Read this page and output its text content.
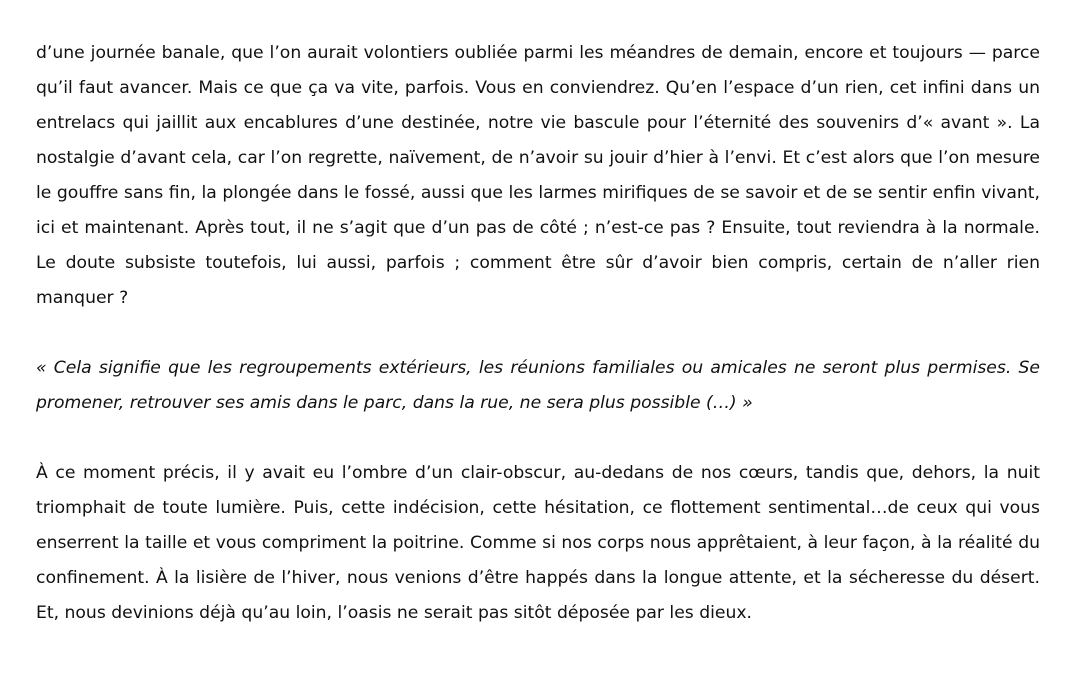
d’une journée banale, que l’on aurait volontiers oubliée parmi les méandres de demain, encore et toujours — parce qu’il faut avancer. Mais ce que ça va vite, parfois. Vous en conviendrez. Qu’en l’espace d’un rien, cet infini dans un entrelacs qui jaillit aux encablures d’une destinée, notre vie bascule pour l’éternité des souvenirs d’« avant ». La nostalgie d’avant cela, car l’on regrette, naïvement, de n’avoir su jouir d’hier à l’envi. Et c’est alors que l’on mesure le gouffre sans fin, la plongée dans le fossé, aussi que les larmes mirifiques de se savoir et de se sentir enfin vivant, ici et maintenant. Après tout, il ne s’agit que d’un pas de côté ; n’est-ce pas ? Ensuite, tout reviendra à la normale. Le doute subsiste toutefois, lui aussi, parfois ; comment être sûr d’avoir bien compris, certain de n’aller rien manquer ?

« Cela signifie que les regroupements extérieurs, les réunions familiales ou amicales ne seront plus permises. Se promener, retrouver ses amis dans le parc, dans la rue, ne sera plus possible (…) »

À ce moment précis, il y avait eu l’ombre d’un clair-obscur, au-dedans de nos cœurs, tandis que, dehors, la nuit triomphait de toute lumière. Puis, cette indécision, cette hésitation, ce flottement sentimental…de ceux qui vous enserrent la taille et vous compriment la poitrine. Comme si nos corps nous apprêtaient, à leur façon, à la réalité du confinement. À la lisière de l’hiver, nous venions d’être happés dans la longue attente, et la sécheresse du désert. Et, nous devinions déjà qu’au loin, l’oasis ne serait pas sitôt déposée par les dieux.
